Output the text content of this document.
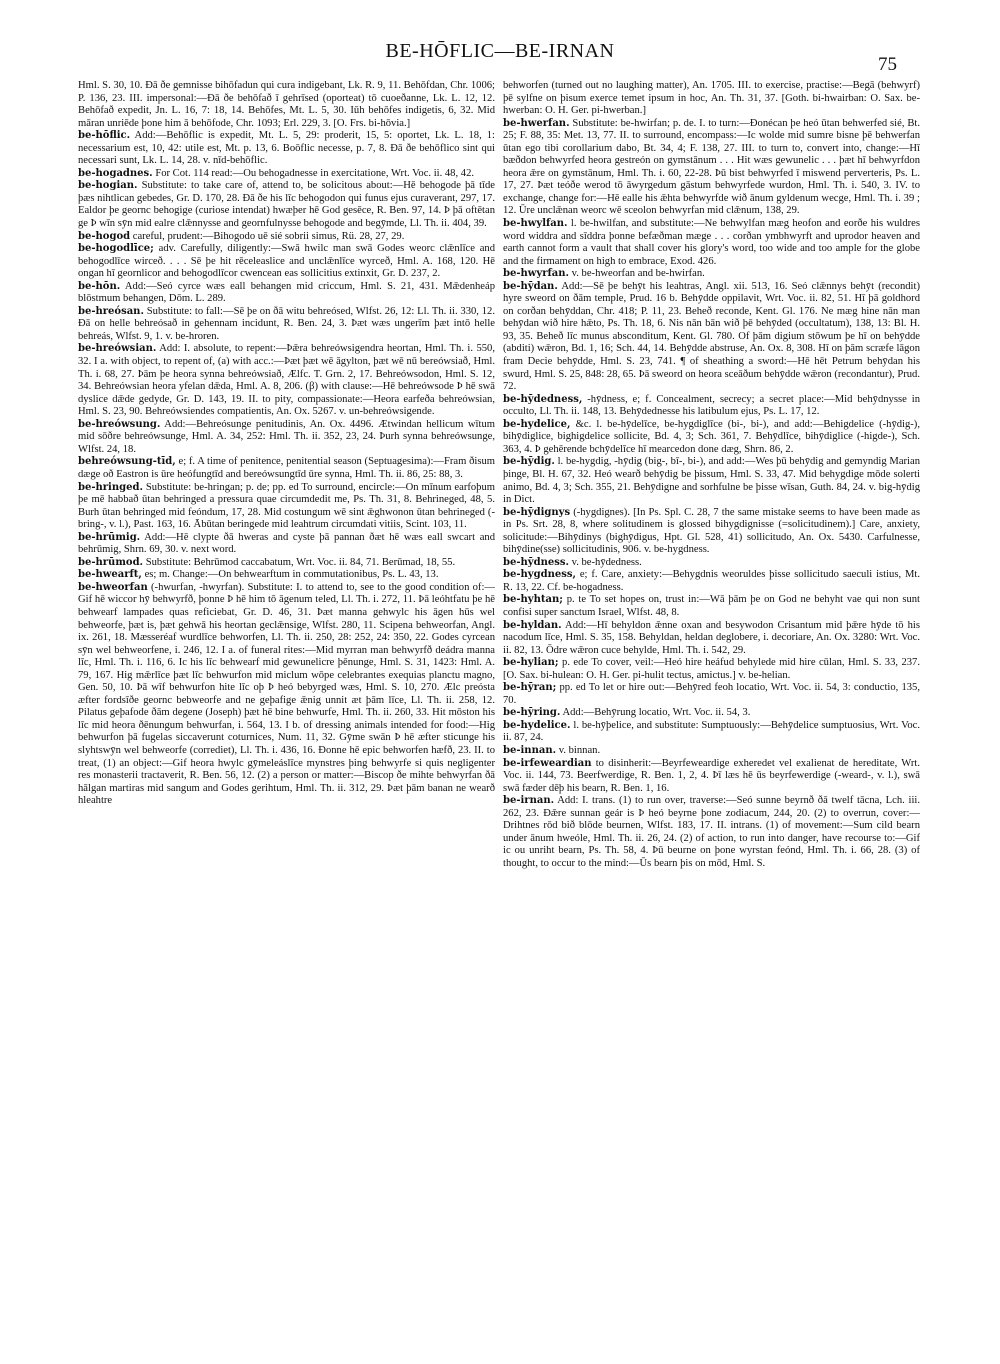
BE-HŌFLIC—BE-IRNAN
75

Hml. S. 30, 10. Ðā ðe gemnisse bihōfadun qui cura indigebant, Lk. R. 9, 11. Behōfdan, Chr. 1006; P. 136, 23. III. impersonal:—Ðā ðe behōfað ī gehrīsed (oporteat) tō cuoeðanne, Lk. L. 12, 12. Behōfað expedit, Jn. L. 16, 7: 18, 14. Behōfes, Mt. L. 5, 30. Iūh behōfes indigetis, 6, 32. Mid māran unriēde þone him ā behōfode, Chr. 1093; Erl. 229, 3. [O. Frs. bi-hōvia.]

be-hōflic. Add:—Behōflic is expedit, Mt. L. 5, 29: proderit, 15, 5: oportet, Lk. L. 18, 1: necessarium est, 10, 42: utile est, Mt. p. 13, 6. Boōflic necesse, p. 7, 8. Ðā ðe behōflico sint qui necessari sunt, Lk. L. 14, 28. v. nīd-behōflic.

be-hogadnes. For Cot. 114 read:—Ou behogadnesse in exercitatione, Wrt. Voc. ii. 48, 42.

be-hogian. Substitute: to take care of, attend to, be solicitous about:—Hē behogode þā tīde þæs nihtlican gebedes, Gr. D. 170, 28. Ðā ðe his līc behogodon qui funus ejus curaverant, 297, 17. Ealdor þe geornc behogige (curiose intendat) hwæþer hē God gesēce, R. Ben. 97, 14. Þ þā oftētan ge Þ wīn sȳn mid ealre clǣnnysse and geornfulnysse behogode and begȳmde, Ll. Th. ii. 404, 39.

be-hogod careful, prudent:—Bihogodo uē sié sobrii simus, Rü. 28, 27, 29.

be-hogodlīce; adv. Carefully, diligently:—Swā hwilc man swā Godes weorc clǣnlīce and behogodlīce wirceð. . . . Sē þe hit rēceleaslice and unclǣnlīce wyrceð, Hml. A. 168, 120. Hē ongan hī geornlicor and behogodlīcor cwencean eas sollicitius extinxit, Gr. D. 237, 2.

be-hōn. Add:—Seó cyrce wæs eall behangen mid criccum, Hml. S. 21, 431. Mǣdenheáp blōstmum behangen, Dōm. L. 289.

be-hreósan. Substitute: to fall:—Sē þe on ðā witu behreósed, Wlfst. 26, 12: Ll. Th. ii. 330, 12. Ðā on helle behreósað in gehennam incidunt, R. Ben. 24, 3. Þæt wæs ungerīm þæt intō helle behreás, Wlfst. 9, 1. v. be-hroren.

be-hreówsian. Add: I. absolute, to repent:—Þǣra behreówsigendra heortan, Hml. Th. i. 550, 32. I a. with object, to repent of, (a) with acc.:—Þæt þæt wē āgylton, þæt wē nū bereówsiað, Hml. Th. i. 68, 27. Þām þe heora synna behreówsiað, Ælfc. T. Grn. 2, 17. Behreówsodon, Hml. S. 12, 34. Behreówsian heora yfelan dǣda, Hml. A. 8, 206. (β) with clause:—Hē behreówsode Þ hē swā dyslice dǣde gedyde, Gr. D. 143, 19. II. to pity, compassionate:—Heora earfeða behreówsian, Hml. S. 23, 90. Behreówsiendes compatientis, An. Ox. 5267. v. un-behreówsigende.

be-hreówsung. Add:—Behreósunge penitudinis, An. Ox. 4496. Ætwindan hellicum wītum mid sōðre behreówsunge, Hml. A. 34, 252: Hml. Th. ii. 352, 23, 24. Þurh synna behreówsunge, Wlfst. 24, 18.

behreówsung-tīd, e; f. A time of penitence, penitential season (Septuagesima):—Fram ðisum dæge oð Eastron is ūre heófungtīd and bereówsungtīd ūre synna, Hml. Th. ii. 86, 25: 88, 3.

be-hringed. Substitute: be-hringan; p. de; pp. ed To surround, encircle:—On mīnum earfoþum þe mē habbað ūtan behringed a pressura quae circumdedit me, Ps. Th. 31, 8. Behrineged, 48, 5. Burh ūtan behringed mid feóndum, 17, 28. Mid costungum wē sint ǣghwonon ūtan behrineged (-bring-, v. l.), Past. 163, 16. Ābūtan beringede mid leahtrum circumdati vitiis, Scint. 103, 11.

be-hrūmig. Add:—Hē clypte ðā hweras and cyste þā pannan ðæt hē wæs eall swcart and behrūmig, Shrn. 69, 30. v. next word.

be-hrūmod. Substitute: Behrūmod caccabatum, Wrt. Voc. ii. 84, 71. Berūmad, 18, 55.

be-hwearft, es; m. Change:—On behwearftum in commutationibus, Ps. L. 43, 13.

be-hweorfan (-hwurfan, -hwyrfan). Substitute: I. to attend to, see to the good condition of:—Gif hē wiccor hȳ behwyrfð, þonne Þ hē him tō āgenum teled, Ll. Th. i. 272, 11. Þā leóhtfatu þe hē behwearf lampades quas reficiebat, Gr. D. 46, 31. Þæt manna gehwylc his āgen hūs wel behweorfe, þæt is, þæt gehwā his heortan geclǣnsige, Wlfst. 280, 11. Scipena behweorfan, Angl. ix. 261, 18. Mæsseréaf wurdlīce behworfen, Ll. Th. ii. 250, 28: 252, 24: 350, 22. Godes cyrcean sȳn wel behweorfene, i. 246, 12. I a. of funeral rites:—Mid myrran man behwyrfð deádra manna līc, Hml. Th. i. 116, 6. Ic his līc behwearf mid gewunelicre þēnunge, Hml. S. 31, 1423: Hml. A. 79, 167. Hig mǣrlīce þæt līc behwurfon mid miclum wōpe celebrantes exequias planctu magno, Gen. 50, 10. Þā wīf behwurfon hite līc oþ Þ heó bebyrged wæs, Hml. S. 10, 270. Ælc preósta æfter fordsīðe geornc bebweorfe and ne geþafige ǣnig unnit æt þām līce, Ll. Th. ii. 258, 12. Pilatus geþafode ðām degene (Joseph) þæt hē bine behwurfe, Hml. Th. ii. 260, 33. Hit mōston his līc mid heora ðēnungum behwurfan, i. 564, 13. I b. of dressing animals intended for food:—Hig behwurfon þā fugelas siccaverunt coturnices, Num. 11, 32. Gȳme swān Þ hē æfter sticunge his slyhtswȳn wel behweorfe (corrediet), Ll. Th. i. 436, 16. Ðonne hē epic behworfen hæfð, 23. II. to treat, (1) an object:—Gif heora hwylc gȳmeleáslīce mynstres þing behwyrfe si quis negligenter res monasterii tractaverit, R. Ben. 56, 12. (2) a person or matter:—Biscop ðe mihte behwyrfan ðā hālgan martiras mid sangum and Godes gerihtum, Hml. Th. ii. 312, 29. Þæt þām banan ne wearð hleahtre

behworfen (turned out no laughing matter), An. 1705. III. to exercise, practise:—Begā (behwyrf) þē sylfne on þisum exerce temet ipsum in hoc, An. Th. 31, 37. [Goth. bi-hwairban: O. Sax. be-hwerban: O. H. Ger. pi-hwerban.]

be-hwerfan. Substitute: be-hwirfan; p. de. I. to turn:—Ðonécan þe heó ūtan behwerfed sié, Bt. 25; F. 88, 35: Met. 13, 77. II. to surround, encompass:—Ic wolde mid sumre bisne þē behwerfan ūtan ego tibi corollarium dabo, Bt. 34, 4; F. 138, 27. III. to turn to, convert into, change:—Hī bæðdon behwyrfed heora gestreón on gymstānum . . . Hit wæs gewunelic . . . þæt hī behwyrfdon heora ǣre on gymstānum, Hml. Th. i. 60, 22-28. Þū bist behwyrfed ī miswend perverteris, Ps. L. 17, 27. Þæt teóðe werod tō āwyrgedum gāstum behwyrfede wurdon, Hml. Th. i. 540, 3. IV. to exchange, change for:—Hē ealle his ǣhta behwyrfde wið ānum gyldenum wecge, Hml. Th. i. 39 ; 12. Ūre unclǣnan weorc wē sceolon behwyrfan mid clǣnum, 138, 29.

be-hwylfan. l. be-hwilfan, and substitute:—Ne behwylfan mæg heofon and eorðe his wuldres word widdra and sīddra þonne befæðman mæge . . . corðan ymbhwyrft and uprodor heaven and earth cannot form a vault that shall cover his glory's word, too wide and too ample for the globe and the firmament on high to embrace, Exod. 426.

be-hwyrfan. v. be-hweorfan and be-hwirfan.

be-hȳdan. Add:—Sē þe behȳt his leahtras, Angl. xii. 513, 16. Seó clǣnnys behȳt (recondit) hyre sweord on ðām temple, Prud. 16 b. Behȳdde oppilavit, Wrt. Voc. ii. 82, 51. Hī þā goldhord on corðan behȳddan, Chr. 418; P. 11, 23. Beheð reconde, Kent. Gl. 176. Ne mæg hine nān man behȳdan wið hire hǣto, Ps. Th. 18, 6. Nis nān bān wið þē behȳded (occultatum), 138, 13: Bl. H. 93, 35. Beheð līc munus absconditum, Kent. Gl. 780. Of þām digium stōwum þe hī on behȳdde (abditi) wǣron, Bd. 1, 16; Sch. 44, 14. Behȳdde abstruse, An. Ox. 8, 308. Hī on þām scræfe lāgon fram Decie behȳdde, Hml. S. 23, 741. ¶ of sheathing a sword:—Hē hēt Petrum behȳdan his swurd, Hml. S. 25, 848: 28, 65. Þā sweord on heora sceāðum behȳdde wǣron (recondantur), Prud. 72.

be-hȳdedness, -hȳdness, e; f. Concealment, secrecy; a secret place:—Mid behȳdnysse in occulto, Ll. Th. ii. 148, 13. Behȳdednesse his latibulum ejus, Ps. L. 17, 12.

be-hydelice, &c. l. be-hȳdelīce, be-hygdiglīce (bi-, bi-), and add:—Behigdelice (-hȳdig-), bihȳdiglice, bighigdelice sollicite, Bd. 4, 3; Sch. 361, 7. Behȳdlīce, bihȳdiglice (-higde-), Sch. 363, 4. Þ gehērende bchȳdelīce hī mearcedon done dæg, Shrn. 86, 2.

be-hȳdig. l. be-hygdig, -hȳdig (big-, bī-, bi-), and add:—Wes þū behȳdig and gemyndig Marian þinge, Bl. H. 67, 32. Heó wearð behȳdig be þissum, Hml. S. 33, 47. Mid behygdige mōde solerti animo, Bd. 4, 3; Sch. 355, 21. Behȳdigne and sorhfulne be þisse wīsan, Guth. 84, 24. v. big-hȳdig in Dict.

be-hȳdignys (-hygdignes). [In Ps. Spl. C. 28, 7 the same mistake seems to have been made as in Ps. Srt. 28, 8, where solitudinem is glossed bihygdignisse (=solicitudinem).] Care, anxiety, solicitude:—Bihȳdinys (bighȳdigus, Hpt. Gl. 528, 41) sollicitudo, An. Ox. 5430. Carfulnesse, bihȳdine(sse) sollicitudinis, 906. v. be-hygdness.

be-hȳdness. v. be-hȳdedness.

be-hygdness, e; f. Care, anxiety:—Behygdnis weoruldes þisse sollicitudo saeculi istius, Mt. R. 13, 22. Cf. be-hogadness.

be-hyhtan; p. te To set hopes on, trust in:—Wā þām þe on God ne behyht vae qui non sunt confisi super sanctum Israel, Wlfst. 48, 8.

be-hyldan. Add:—Hī behyldon ǣnne oxan and besywodon Crisantum mid þǣre hȳde tō his nacodum līce, Hml. S. 35, 158. Behyldan, heldan deglobere, i. decoriare, An. Ox. 3280: Wrt. Voc. ii. 82, 13. Ōdre wǣron cuce behylde, Hml. Th. i. 542, 29.

be-hylian; p. ede To cover, veil:—Heó hire heáfud behylede mid hire cūlan, Hml. S. 33, 237. [O. Sax. bi-hulean: O. H. Ger. pi-hulit tectus, amictus.] v. be-helian.

be-hȳran; pp. ed To let or hire out:—Behȳred feoh locatio, Wrt. Voc. ii. 54, 3: conductio, 135, 70.

be-hȳring. Add:—Behȳrung locatio, Wrt. Voc. ii. 54, 3.

be-hydelice. l. be-hȳþelice, and substitute: Sumptuously:—Behȳdelice sumptuosius, Wrt. Voc. ii. 87, 24.

be-innan. v. binnan.

be-irfeweardian to disinherit:—Beyrfeweardige exheredet vel exalienat de hereditate, Wrt. Voc. ii. 144, 73. Beerfwerdige, R. Ben. 1, 2, 4. Þī læs hē ūs beyrfewerdige (-weard-, v. l.), swā swā fæder dēþ his bearn, R. Ben. 1, 16.

be-irnan. Add: I. trans. (1) to run over, traverse:—Seó sunne beyrnð ðā twelf tācna, Lch. iii. 262, 23. Ðǣre sunnan geár is Þ heó beyrne þone zodiacum, 244, 20. (2) to overrun, cover:—Drihtnes rōd bið blōde beurnen, Wlfst. 183, 17. II. intrans. (1) of movement:—Sum cild bearn under ānum hweóle, Hml. Th. ii. 26, 24. (2) of action, to run into danger, have recourse to:—Gif ic ou unriht bearn, Ps. Th. 58, 4. Þū beurne on þone wyrstan feónd, Hml. Th. i. 66, 28. (3) of thought, to occur to the mind:—Ūs bearn þis on mōd, Hml. S.
